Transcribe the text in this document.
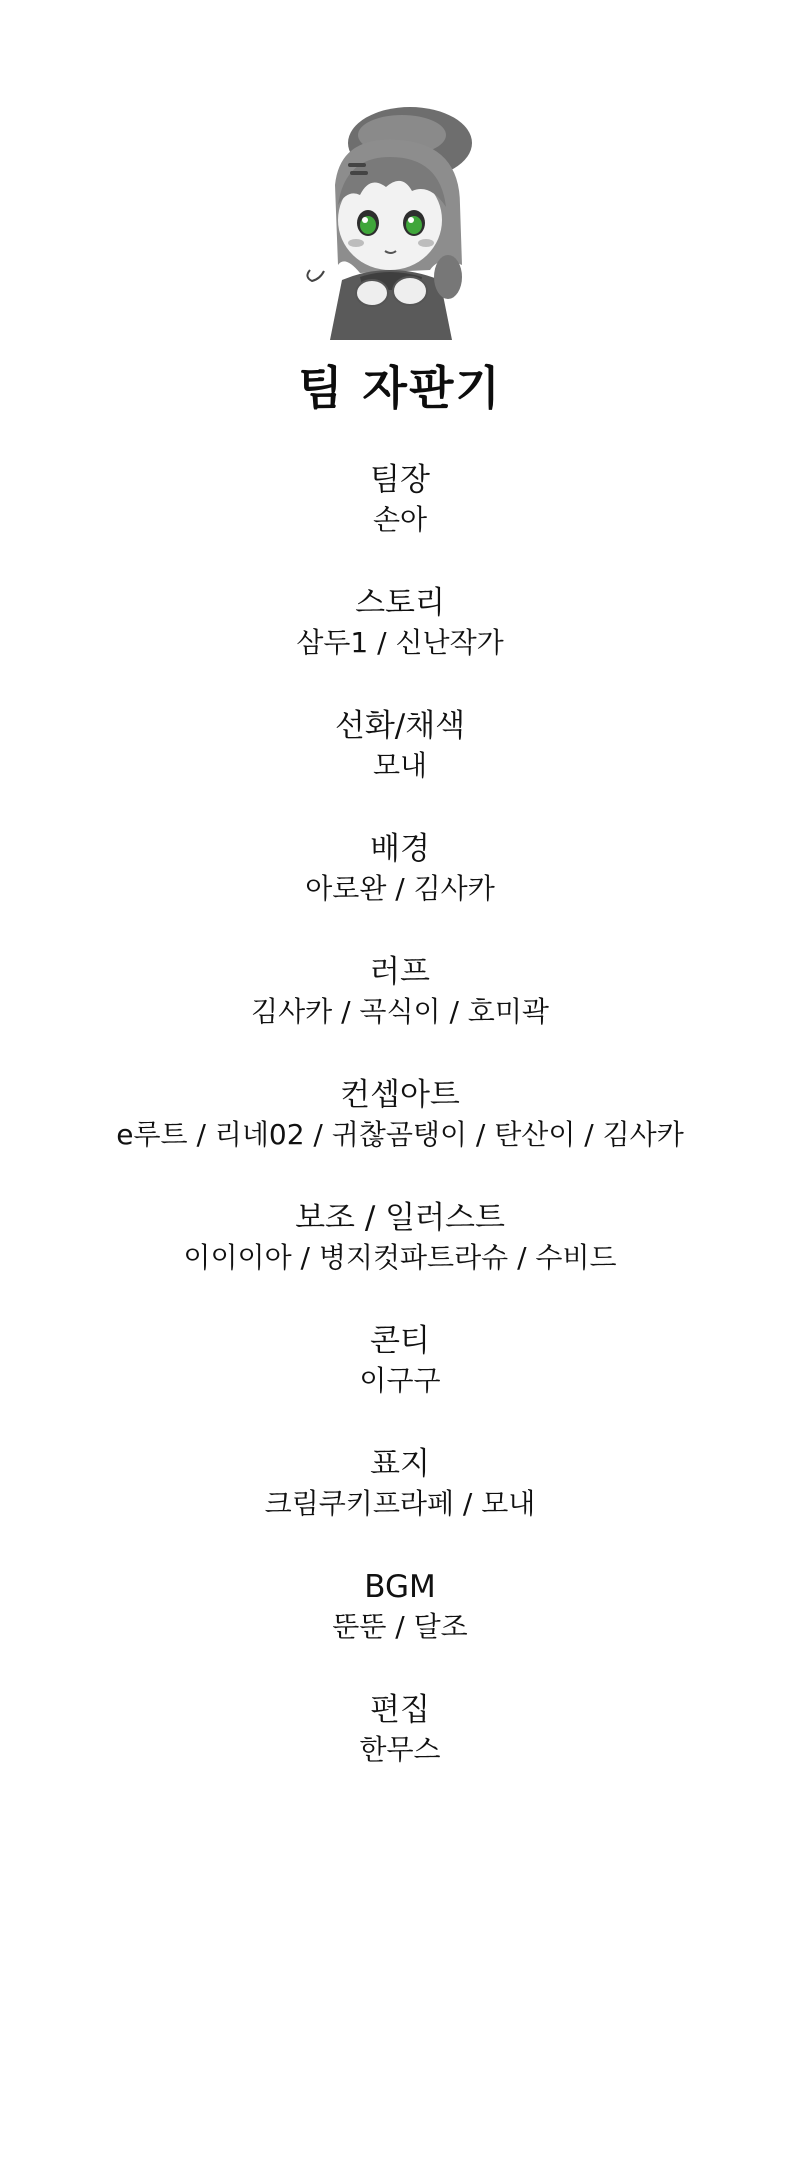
팀 자판기
팀장
손아
스토리
삼두1 / 신난작가
선화/채색
모내
배경
아로완 / 김사카
러프
김사카 / 곡식이 / 호미곽
컨셉아트
e루트 / 리네02 / 귀찮곰탱이 / 탄산이 / 김사카
보조 / 일러스트
이이이아 / 병지컷파트라슈 / 수비드
콘티
이구구
표지
크림쿠키프라페 / 모내
BGM
뚠뚠 / 달조
편집
한무스
